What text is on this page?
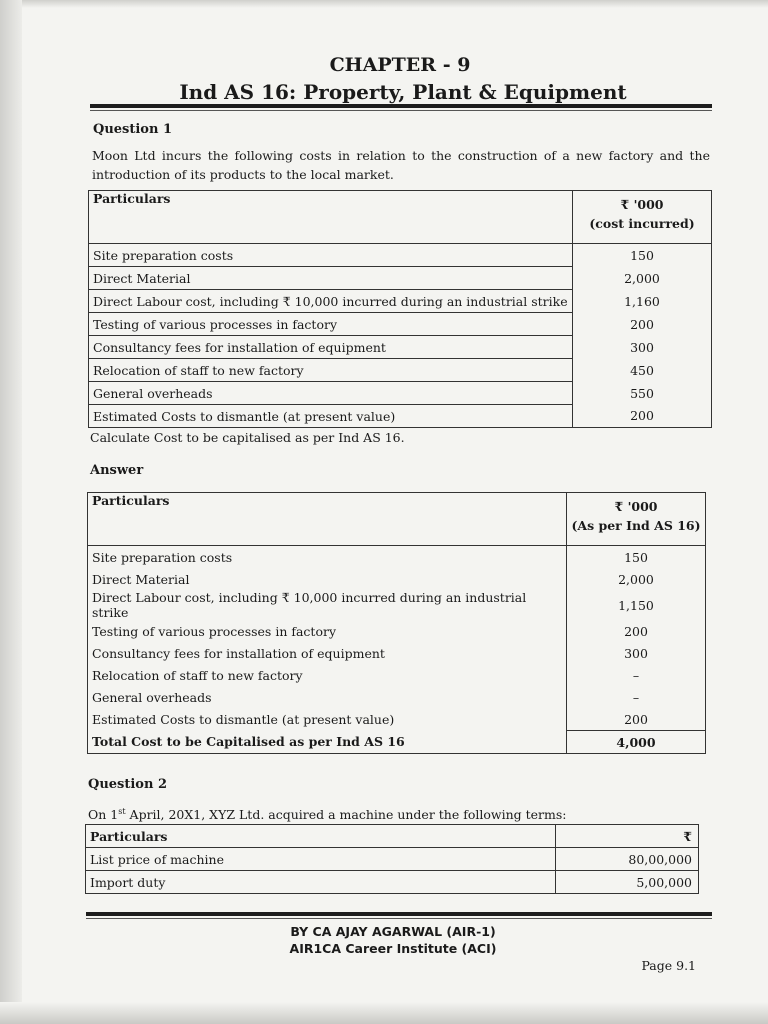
CHAPTER - 9
Ind AS 16: Property, Plant & Equipment
Question 1
Moon Ltd incurs the following costs in relation to the construction of a new factory and the introduction of its products to the local market.
Particulars	₹ '000
(cost incurred)

Site preparation costs	150
Direct Material	2,000
Direct Labour cost, including ₹ 10,000 incurred during an industrial strike	1,160
Testing of various processes in factory	200
Consultancy fees for installation of equipment	300
Relocation of staff to new factory	450
General overheads	550
Estimated Costs to dismantle (at present value)	200
Calculate Cost to be capitalised as per Ind AS 16.
Answer
Particulars	₹ '000
(As per Ind AS 16)

Site preparation costs	150
Direct Material	2,000
Direct Labour cost, including ₹ 10,000 incurred during an industrial strike	1,150
Testing of various processes in factory	200
Consultancy fees for installation of equipment	300
Relocation of staff to new factory	–
General overheads	–
Estimated Costs to dismantle (at present value)	200
Total Cost to be Capitalised as per Ind AS 16	4,000
Question 2
On 1st April, 20X1, XYZ Ltd. acquired a machine under the following terms:
Particulars	₹
List price of machine	80,00,000
Import duty	5,00,000
BY CA AJAY AGARWAL (AIR-1)
AIR1CA Career Institute (ACI)
Page 9.1
